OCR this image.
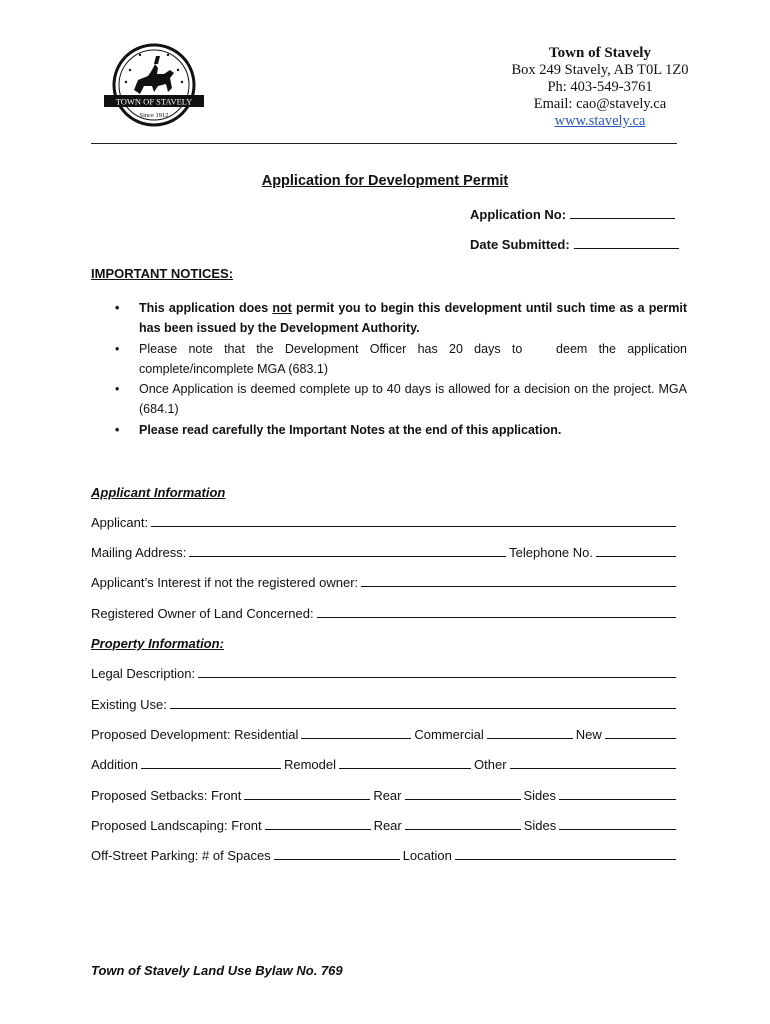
TOWN OF STAVELY
Since 1912
Town of Stavely
Box 249 Stavely, AB T0L 1Z0
Ph: 403-549-3761
Email: cao@stavely.ca
www.stavely.ca
Application for Development Permit
Application No:
Date Submitted:
IMPORTANT NOTICES:
• This application does not permit you to begin this development until such time as a permit has been issued by the Development Authority.
• Please note that the Development Officer has 20 days to   deem the application complete/incomplete MGA (683.1)
• Once Application is deemed complete up to 40 days is allowed for a decision on the project. MGA (684.1)
• Please read carefully the Important Notes at the end of this application.
Applicant Information
Applicant:
Mailing Address:	Telephone No.
Applicant’s Interest if not the registered owner:
Registered Owner of Land Concerned:
Property Information:
Legal Description:
Existing Use:
Proposed Development: Residential	Commercial	New
Addition	Remodel	Other
Proposed Setbacks: Front	Rear	Sides
Proposed Landscaping: Front	Rear	Sides
Off-Street Parking: # of Spaces	Location
Town of Stavely Land Use Bylaw No. 769
